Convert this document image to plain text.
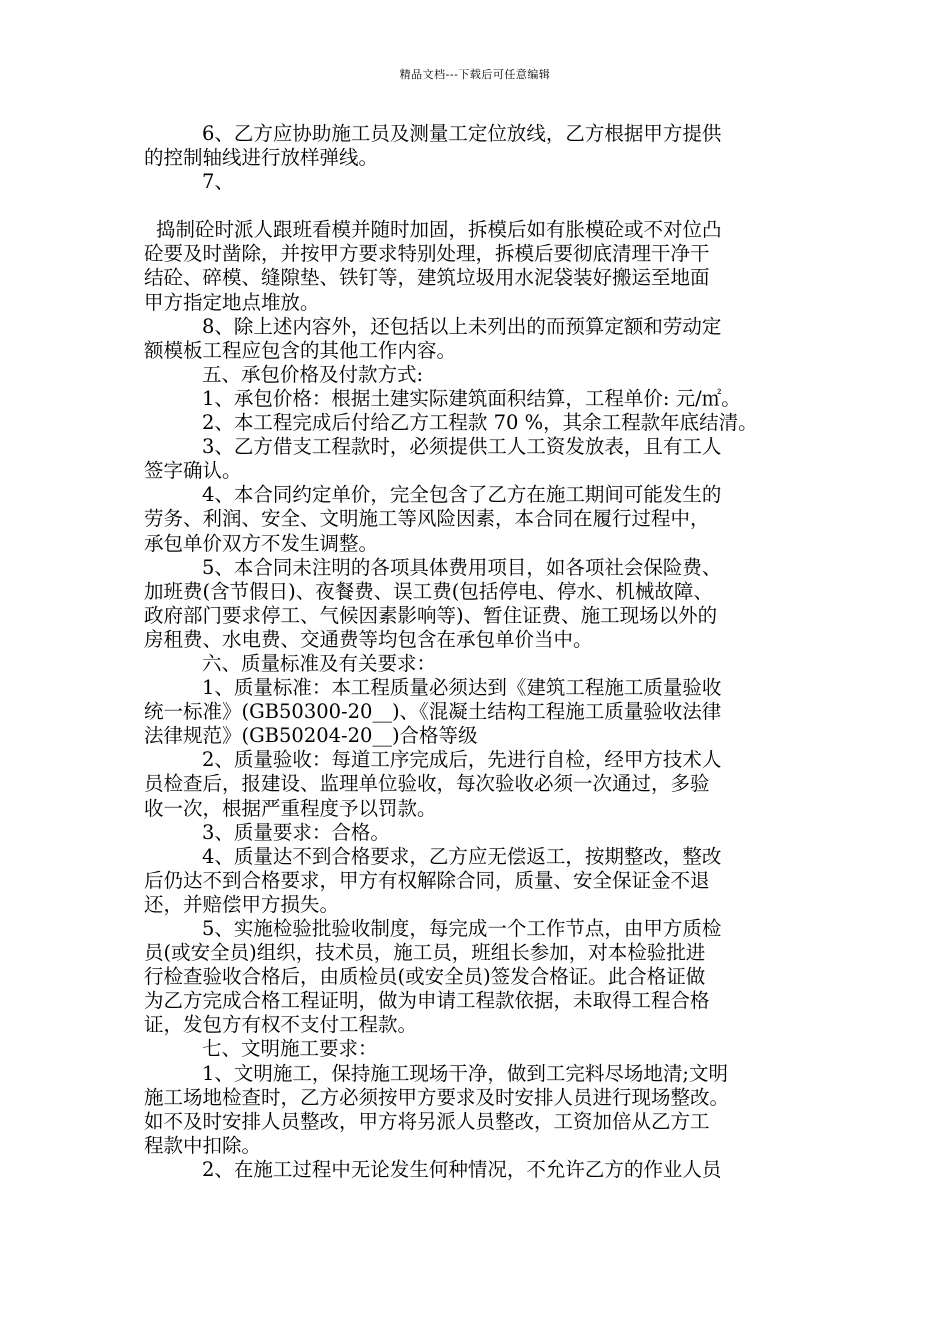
精品文档---下载后可任意编辑
6、乙方应协助施工员及测量工定位放线，乙方根据甲方提供
的控制轴线进行放样弹线。
7、
捣制砼时派人跟班看模并随时加固，拆模后如有胀模砼或不对位凸
砼要及时凿除，并按甲方要求特别处理，拆模后要彻底清理干净干
结砼、碎模、缝隙垫、铁钉等，建筑垃圾用水泥袋装好搬运至地面
甲方指定地点堆放。
8、除上述内容外，还包括以上未列出的而预算定额和劳动定
额模板工程应包含的其他工作内容。
五、承包价格及付款方式:
1、承包价格：根据土建实际建筑面积结算，工程单价: 元/㎡。
2、本工程完成后付给乙方工程款 70 %，其余工程款年底结清。
3、乙方借支工程款时，必须提供工人工资发放表，且有工人
签字确认。
4、本合同约定单价，完全包含了乙方在施工期间可能发生的
劳务、利润、安全、文明施工等风险因素，本合同在履行过程中，
承包单价双方不发生调整。
5、本合同未注明的各项具体费用项目，如各项社会保险费、
加班费(含节假日)、夜餐费、误工费(包括停电、停水、机械故障、
政府部门要求停工、气候因素影响等)、暂住证费、施工现场以外的
房租费、水电费、交通费等均包含在承包单价当中。
六、质量标准及有关要求：
1、质量标准：本工程质量必须达到《建筑工程施工质量验收
统一标准》(GB50300-20__)、《混凝土结构工程施工质量验收法律
法律规范》(GB50204-20__)合格等级
2、质量验收：每道工序完成后，先进行自检，经甲方技术人
员检查后，报建设、监理单位验收，每次验收必须一次通过，多验
收一次，根据严重程度予以罚款。
3、质量要求：合格。
4、质量达不到合格要求，乙方应无偿返工，按期整改，整改
后仍达不到合格要求，甲方有权解除合同，质量、安全保证金不退
还，并赔偿甲方损失。
5、实施检验批验收制度，每完成一个工作节点，由甲方质检
员(或安全员)组织，技术员，施工员，班组长参加，对本检验批进
行检查验收合格后，由质检员(或安全员)签发合格证。此合格证做
为乙方完成合格工程证明，做为申请工程款依据，未取得工程合格
证，发包方有权不支付工程款。
七、文明施工要求：
1、文明施工，保持施工现场干净，做到工完料尽场地清;文明
施工场地检查时，乙方必须按甲方要求及时安排人员进行现场整改。
如不及时安排人员整改，甲方将另派人员整改，工资加倍从乙方工
程款中扣除。
2、在施工过程中无论发生何种情况，不允许乙方的作业人员
